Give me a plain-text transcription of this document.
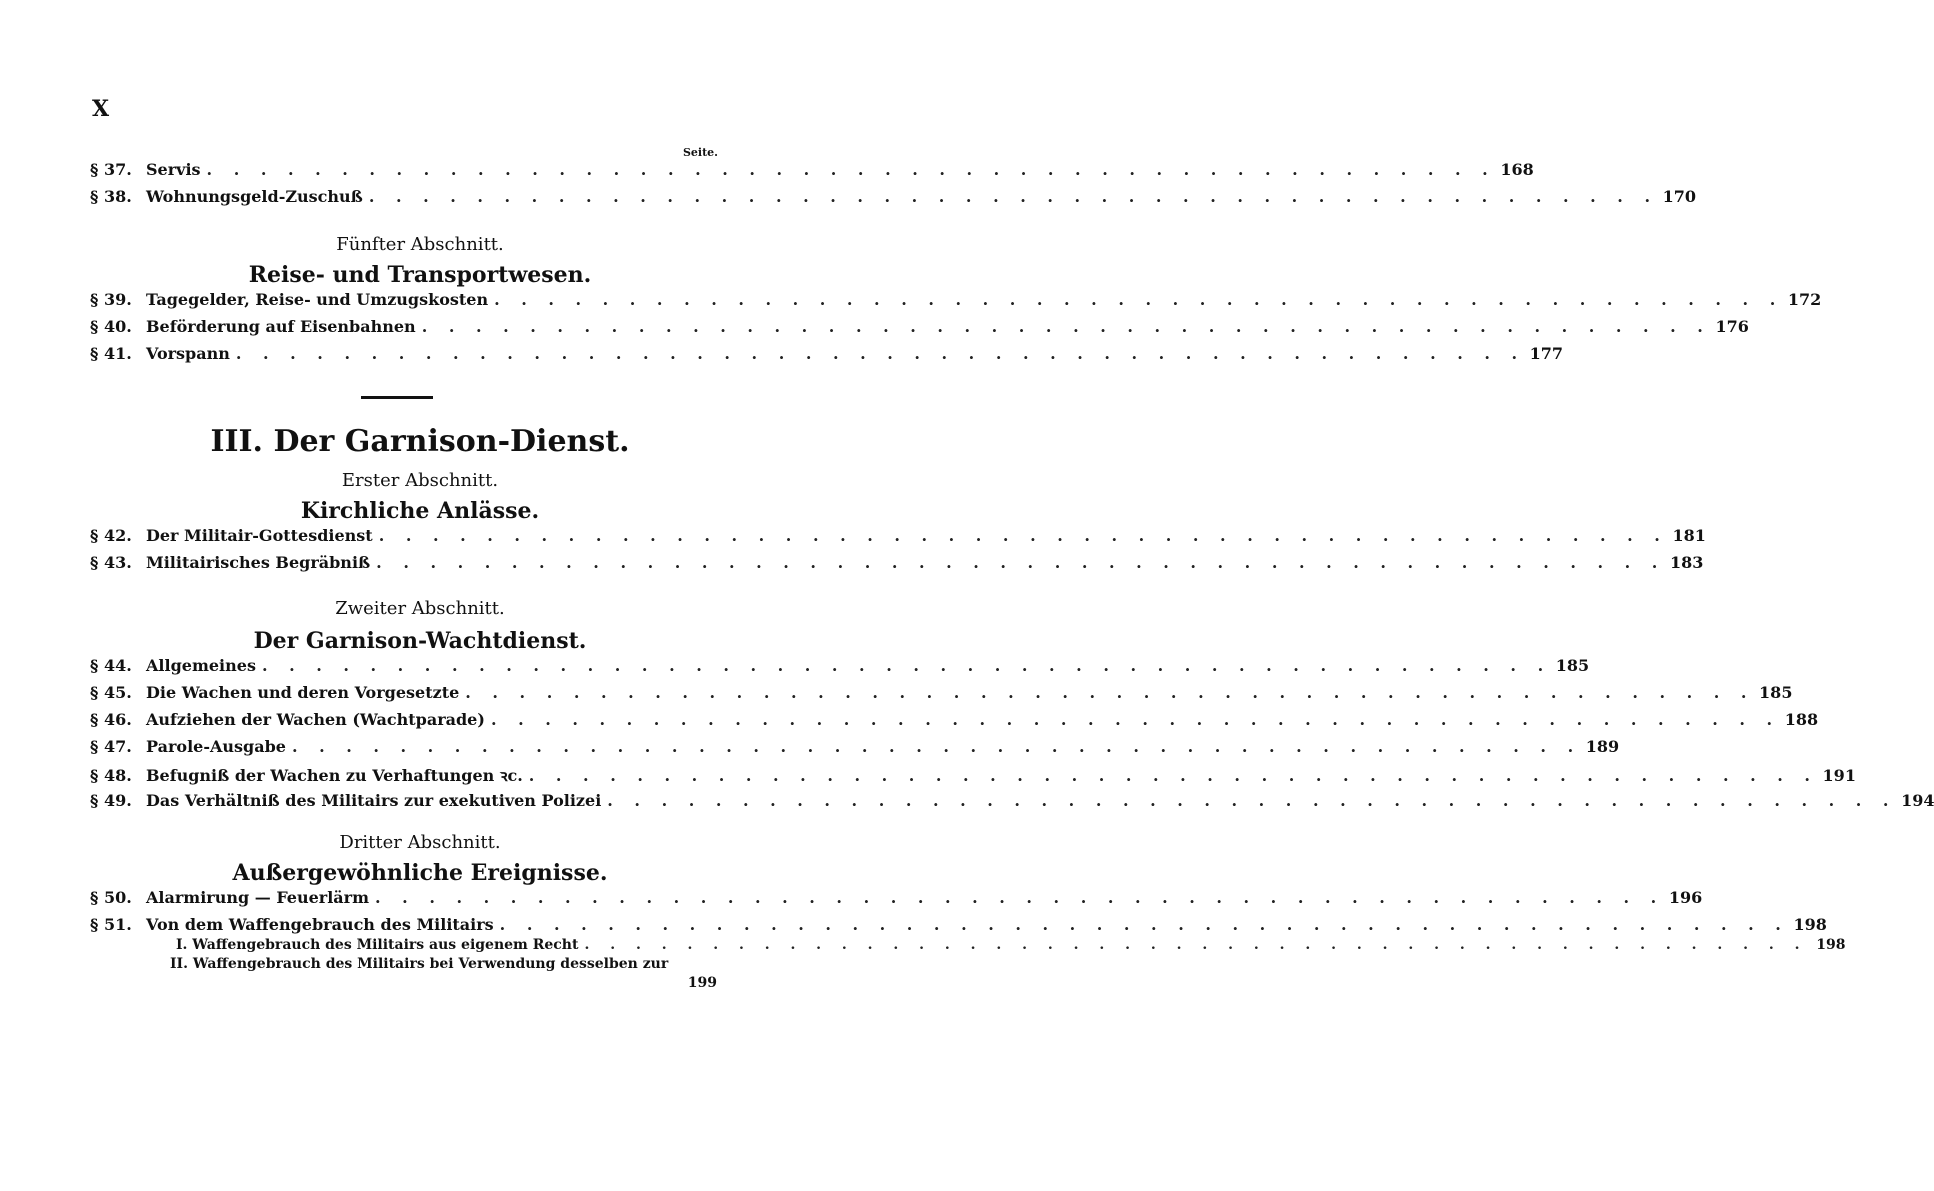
X
Seite.
§ 37. Servis . . . . . . . . . . . . . . . . . . . . . . . . . . . . . . . . . . . . . . . . . . . . . . . . 168
§ 38. Wohnungsgeld-Zuschuß . . . . . . . . . . . . . . . . . . . . . . . . . . . . . . . . . . . . . . . . . . . . . . . . 170
Fünfter Abschnitt.
Reise- und Transportwesen.
§ 39. Tagegelder, Reise- und Umzugskosten . . . . . . . . . . . . . . . . . . . . . . . . . . . . . . . . . . . . . . . . . . . . . . . . 172
§ 40. Beförderung auf Eisenbahnen . . . . . . . . . . . . . . . . . . . . . . . . . . . . . . . . . . . . . . . . . . . . . . . . 176
§ 41. Vorspann . . . . . . . . . . . . . . . . . . . . . . . . . . . . . . . . . . . . . . . . . . . . . . . . 177
III. Der Garnison-Dienst.
Erster Abschnitt.
Kirchliche Anlässe.
§ 42. Der Militair-Gottesdienst . . . . . . . . . . . . . . . . . . . . . . . . . . . . . . . . . . . . . . . . . . . . . . . . 181
§ 43. Militairisches Begräbniß . . . . . . . . . . . . . . . . . . . . . . . . . . . . . . . . . . . . . . . . . . . . . . . . 183
Zweiter Abschnitt.
Der Garnison-Wachtdienst.
§ 44. Allgemeines . . . . . . . . . . . . . . . . . . . . . . . . . . . . . . . . . . . . . . . . . . . . . . . . 185
§ 45. Die Wachen und deren Vorgesetzte . . . . . . . . . . . . . . . . . . . . . . . . . . . . . . . . . . . . . . . . . . . . . . . . 185
§ 46. Aufziehen der Wachen (Wachtparade) . . . . . . . . . . . . . . . . . . . . . . . . . . . . . . . . . . . . . . . . . . . . . . . . 188
§ 47. Parole-Ausgabe . . . . . . . . . . . . . . . . . . . . . . . . . . . . . . . . . . . . . . . . . . . . . . . . 189
§ 48. Befugniß der Wachen zu Verhaftungen ꝛc. . . . . . . . . . . . . . . . . . . . . . . . . . . . . . . . . . . . . . . . . . . . . . . . . 191
§ 49. Das Verhältniß des Militairs zur exekutiven Polizei . . . . . . . . . . . . . . . . . . . . . . . . . . . . . . . . . . . . . . . . . . . . . . . . 194
Dritter Abschnitt.
Außergewöhnliche Ereignisse.
§ 50. Alarmirung — Feuerlärm . . . . . . . . . . . . . . . . . . . . . . . . . . . . . . . . . . . . . . . . . . . . . . . . 196
§ 51. Von dem Waffengebrauch des Militairs . . . . . . . . . . . . . . . . . . . . . . . . . . . . . . . . . . . . . . . . . . . . . . . . 198
I. Waffengebrauch des Militairs aus eigenem Recht . . . . . . . . . . . . . . . . . . . . . . . . . . . . . . . . . . . . . . . . . . . . . . . . 198
II. Waffengebrauch des Militairs bei Verwendung desselben zur
199
